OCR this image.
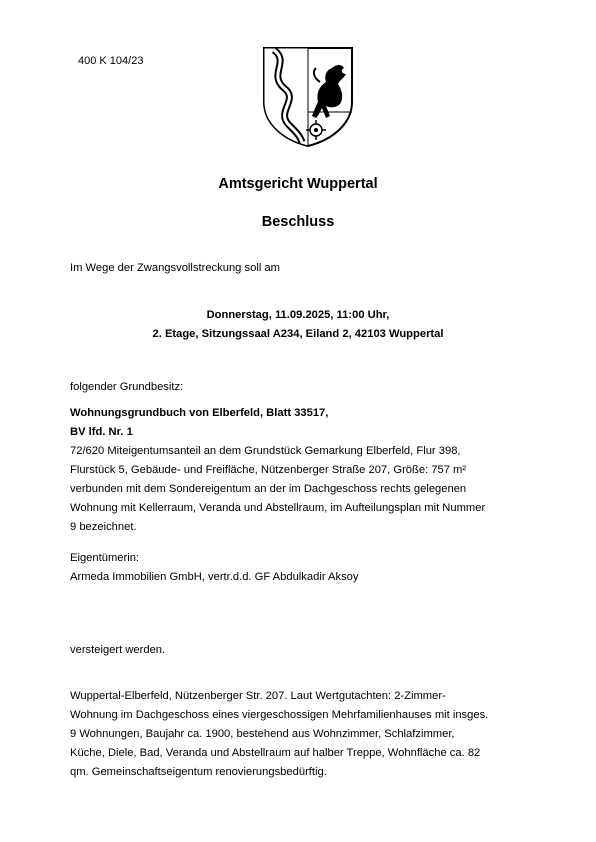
400 K 104/23
Amtsgericht Wuppertal
Beschluss
Im Wege der Zwangsvollstreckung soll am
Donnerstag, 11.09.2025, 11:00 Uhr,
2. Etage, Sitzungssaal A234, Eiland 2, 42103 Wuppertal
folgender Grundbesitz:
Wohnungsgrundbuch von Elberfeld, Blatt 33517,
BV lfd. Nr. 1
72/620 Miteigentumsanteil an dem Grundstück Gemarkung Elberfeld, Flur 398,
Flurstück 5, Gebäude- und Freifläche, Nützenberger Straße 207, Größe: 757 m²
verbunden mit dem Sondereigentum an der im Dachgeschoss rechts gelegenen
Wohnung mit Kellerraum, Veranda und Abstellraum, im Aufteilungsplan mit Nummer
9 bezeichnet.
Eigentümerin:
Armeda Immobilien GmbH, vertr.d.d. GF Abdulkadir Aksoy
versteigert werden.
Wuppertal-Elberfeld, Nützenberger Str. 207. Laut Wertgutachten: 2-Zimmer-
Wohnung im Dachgeschoss eines viergeschossigen Mehrfamilienhauses mit insges.
9 Wohnungen, Baujahr ca. 1900, bestehend aus Wohnzimmer, Schlafzimmer,
Küche, Diele, Bad, Veranda und Abstellraum auf halber Treppe, Wohnfläche ca. 82
qm. Gemeinschaftseigentum renovierungsbedürftig.
